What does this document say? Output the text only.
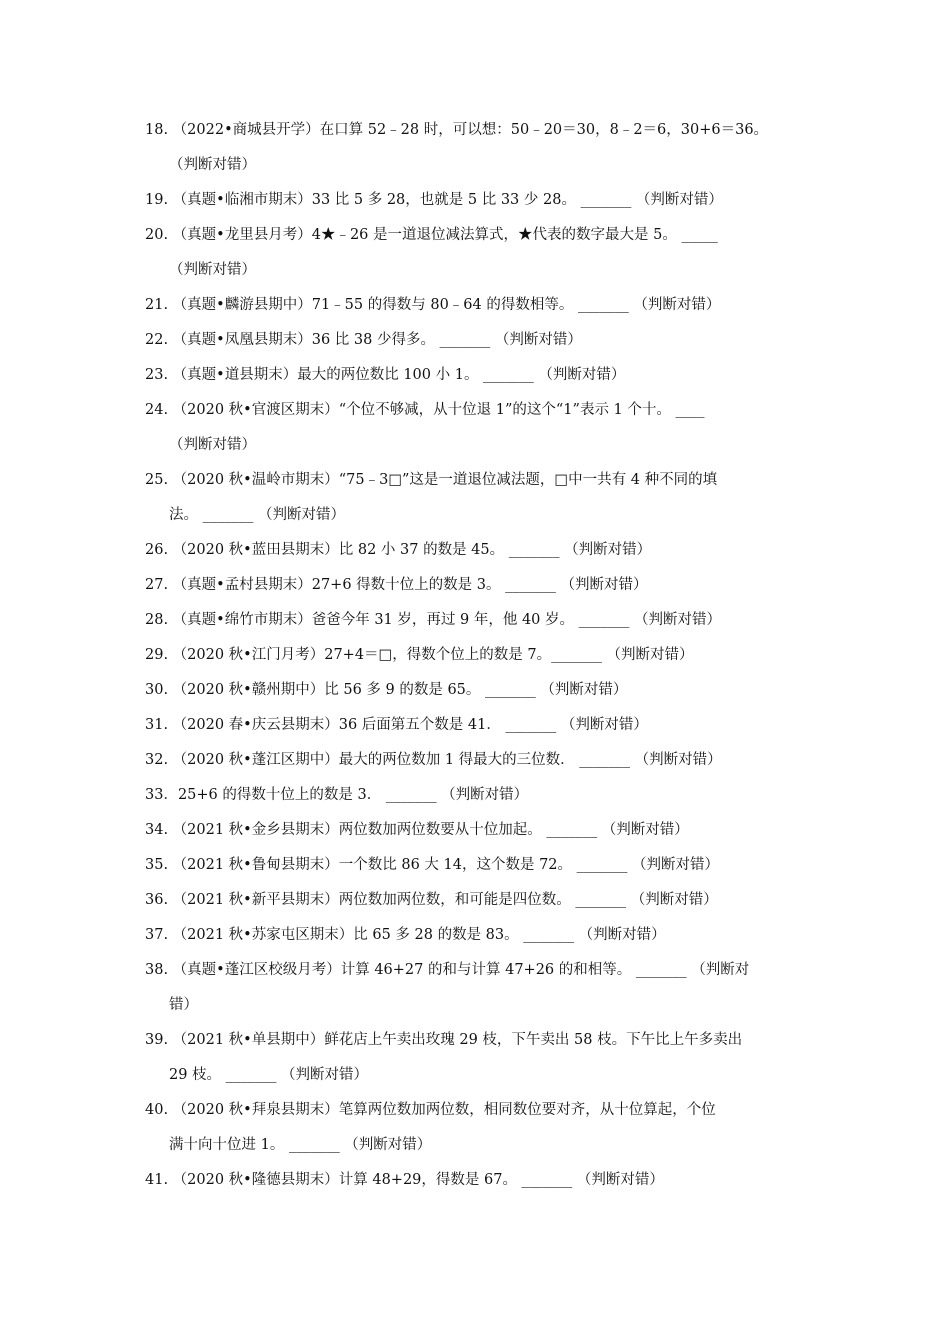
18. （2022•商城县开学）在口算 52﹣28 时，可以想：50﹣20＝30，8﹣2＝6，30+6＝36。
（判断对错）
19. （真题•临湘市期末）33 比 5 多 28，也就是 5 比 33 少 28。 _______ （判断对错）
20. （真题•龙里县月考）4★﹣26 是一道退位减法算式，★代表的数字最大是 5。 _____
（判断对错）
21. （真题•麟游县期中）71﹣55 的得数与 80﹣64 的得数相等。 _______ （判断对错）
22. （真题•凤凰县期末）36 比 38 少得多。 _______ （判断对错）
23. （真题•道县期末）最大的两位数比 100 小 1。 _______ （判断对错）
24. （2020 秋•官渡区期末）“个位不够减，从十位退 1”的这个“1”表示 1 个十。 ____
（判断对错）
25. （2020 秋•温岭市期末）“75﹣3□”这是一道退位减法题，□中一共有 4 种不同的填
法。 _______ （判断对错）
26. （2020 秋•蓝田县期末）比 82 小 37 的数是 45。 _______ （判断对错）
27. （真题•孟村县期末）27+6 得数十位上的数是 3。 _______ （判断对错）
28. （真题•绵竹市期末）爸爸今年 31 岁，再过 9 年，他 40 岁。 _______ （判断对错）
29. （2020 秋•江门月考）27+4＝□，得数个位上的数是 7。_______ （判断对错）
30. （2020 秋•赣州期中）比 56 多 9 的数是 65。 _______ （判断对错）
31. （2020 春•庆云县期末）36 后面第五个数是 41． _______ （判断对错）
32. （2020 秋•蓬江区期中）最大的两位数加 1 得最大的三位数． _______ （判断对错）
33．25+6 的得数十位上的数是 3． _______ （判断对错）
34. （2021 秋•金乡县期末）两位数加两位数要从十位加起。 _______ （判断对错）
35. （2021 秋•鲁甸县期末）一个数比 86 大 14，这个数是 72。 _______ （判断对错）
36. （2021 秋•新平县期末）两位数加两位数，和可能是四位数。 _______ （判断对错）
37. （2021 秋•苏家屯区期末）比 65 多 28 的数是 83。 _______ （判断对错）
38. （真题•蓬江区校级月考）计算 46+27 的和与计算 47+26 的和相等。 _______ （判断对
错）
39. （2021 秋•单县期中）鲜花店上午卖出玫瑰 29 枝，下午卖出 58 枝。下午比上午多卖出
29 枝。 _______ （判断对错）
40. （2020 秋•拜泉县期末）笔算两位数加两位数，相同数位要对齐，从十位算起，个位
满十向十位进 1。 _______ （判断对错）
41. （2020 秋•隆德县期末）计算 48+29，得数是 67。 _______ （判断对错）
